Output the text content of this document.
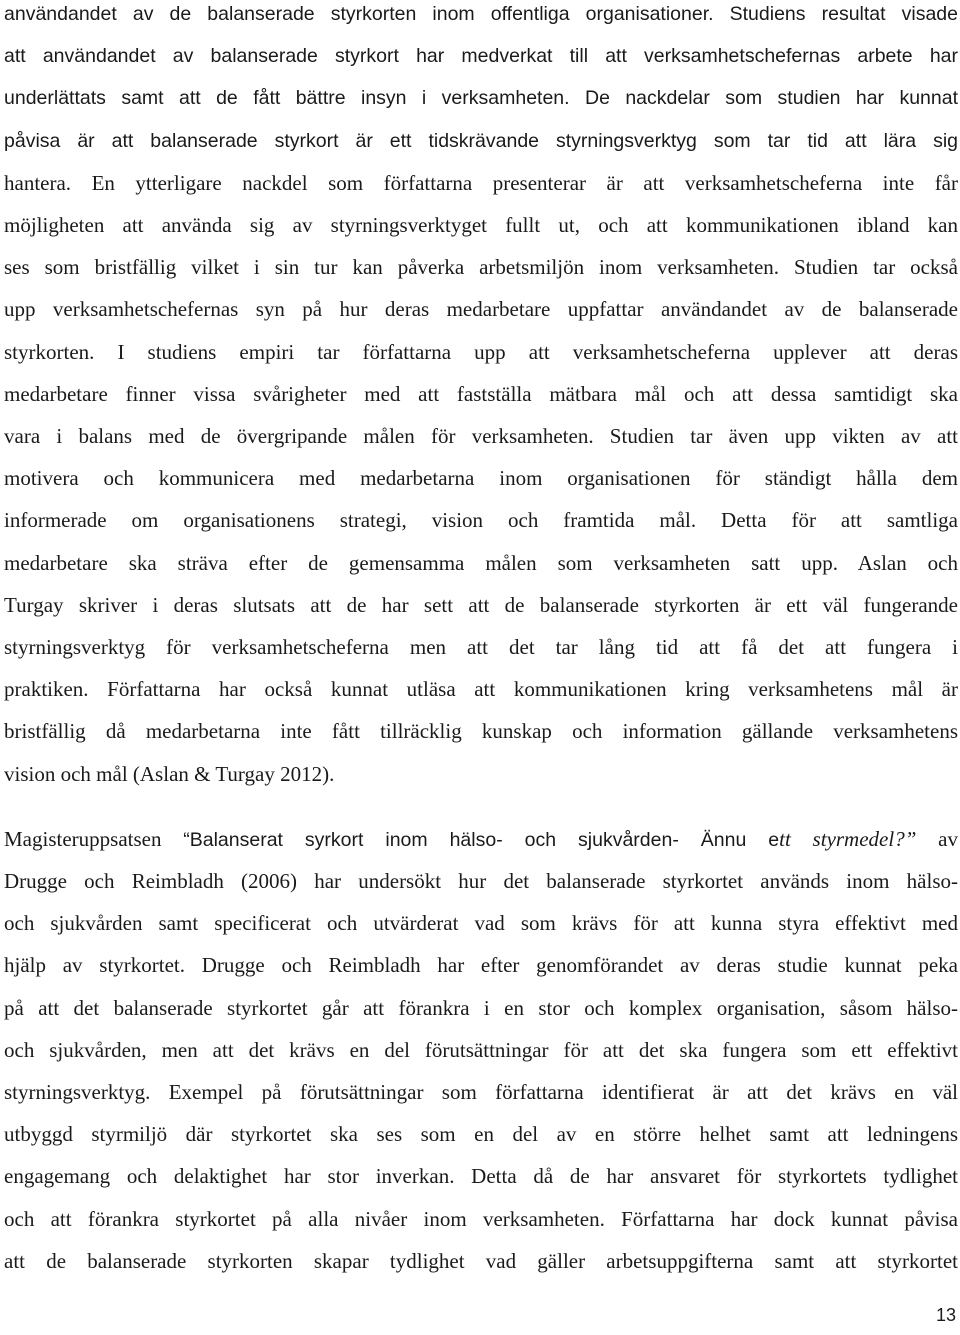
användandet av de balanserade styrkorten inom offentliga organisationer. Studiens resultat visade
att användandet av balanserade styrkort har medverkat till att verksamhetschefernas arbete har
underlättats samt att de fått bättre insyn i verksamheten. De nackdelar som studien har kunnat
påvisa är att balanserade styrkort är ett tidskrävande styrningsverktyg som tar tid att lära sig
hantera. En ytterligare nackdel som författarna presenterar är att verksamhetscheferna inte får
möjligheten att använda sig av styrningsverktyget fullt ut, och att kommunikationen ibland kan
ses som bristfällig vilket i sin tur kan påverka arbetsmiljön inom verksamheten. Studien tar också
upp verksamhetschefernas syn på hur deras medarbetare uppfattar användandet av de balanserade
styrkorten. I studiens empiri tar författarna upp att verksamhetscheferna upplever att deras
medarbetare finner vissa svårigheter med att fastställa mätbara mål och att dessa samtidigt ska
vara i balans med de övergripande målen för verksamheten. Studien tar även upp vikten av att
motivera och kommunicera med medarbetarna inom organisationen för ständigt hålla dem
informerade om organisationens strategi, vision och framtida mål. Detta för att samtliga
medarbetare ska sträva efter de gemensamma målen som verksamheten satt upp. Aslan och
Turgay skriver i deras slutsats att de har sett att de balanserade styrkorten är ett väl fungerande
styrningsverktyg för verksamhetscheferna men att det tar lång tid att få det att fungera i
praktiken. Författarna har också kunnat utläsa att kommunikationen kring verksamhetens mål är
bristfällig då medarbetarna inte fått tillräcklig kunskap och information gällande verksamhetens
vision och mål (Aslan & Turgay 2012).
Magisteruppsatsen “Balanserat syrkort inom hälso- och sjukvården- Ännu ett styrmedel?” av
Drugge och Reimbladh (2006) har undersökt hur det balanserade styrkortet används inom hälso-
och sjukvården samt specificerat och utvärderat vad som krävs för att kunna styra effektivt med
hjälp av styrkortet. Drugge och Reimbladh har efter genomförandet av deras studie kunnat peka
på att det balanserade styrkortet går att förankra i en stor och komplex organisation, såsom hälso-
och sjukvården, men att det krävs en del förutsättningar för att det ska fungera som ett effektivt
styrningsverktyg. Exempel på förutsättningar som författarna identifierat är att det krävs en väl
utbyggd styrmiljö där styrkortet ska ses som en del av en större helhet samt att ledningens
engagemang och delaktighet har stor inverkan. Detta då de har ansvaret för styrkortets tydlighet
och att förankra styrkortet på alla nivåer inom verksamheten. Författarna har dock kunnat påvisa
att de balanserade styrkorten skapar tydlighet vad gäller arbetsuppgifterna samt att styrkortet
13
